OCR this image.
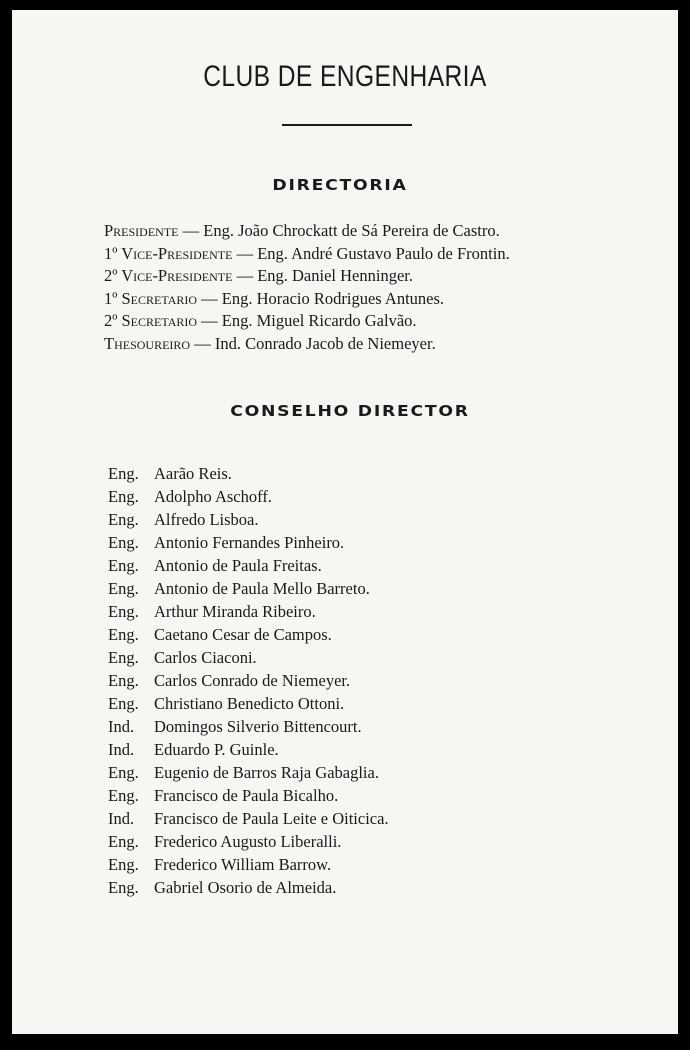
CLUB DE ENGENHARIA
DIRECTORIA
Presidente — Eng. João Chrockatt de Sá Pereira de Castro.
1º Vice-Presidente — Eng. André Gustavo Paulo de Frontin.
2º Vice-Presidente — Eng. Daniel Henninger.
1º Secretario — Eng. Horacio Rodrigues Antunes.
2º Secretario — Eng. Miguel Ricardo Galvão.
Thesoureiro — Ind. Conrado Jacob de Niemeyer.
CONSELHO DIRECTOR
Eng. Aarão Reis.
Eng. Adolpho Aschoff.
Eng. Alfredo Lisboa.
Eng. Antonio Fernandes Pinheiro.
Eng. Antonio de Paula Freitas.
Eng. Antonio de Paula Mello Barreto.
Eng. Arthur Miranda Ribeiro.
Eng. Caetano Cesar de Campos.
Eng. Carlos Ciaconi.
Eng. Carlos Conrado de Niemeyer.
Eng. Christiano Benedicto Ottoni.
Ind. Domingos Silverio Bittencourt.
Ind. Eduardo P. Guinle.
Eng. Eugenio de Barros Raja Gabaglia.
Eng. Francisco de Paula Bicalho.
Ind. Francisco de Paula Leite e Oiticica.
Eng. Frederico Augusto Liberalli.
Eng. Frederico William Barrow.
Eng. Gabriel Osorio de Almeida.
